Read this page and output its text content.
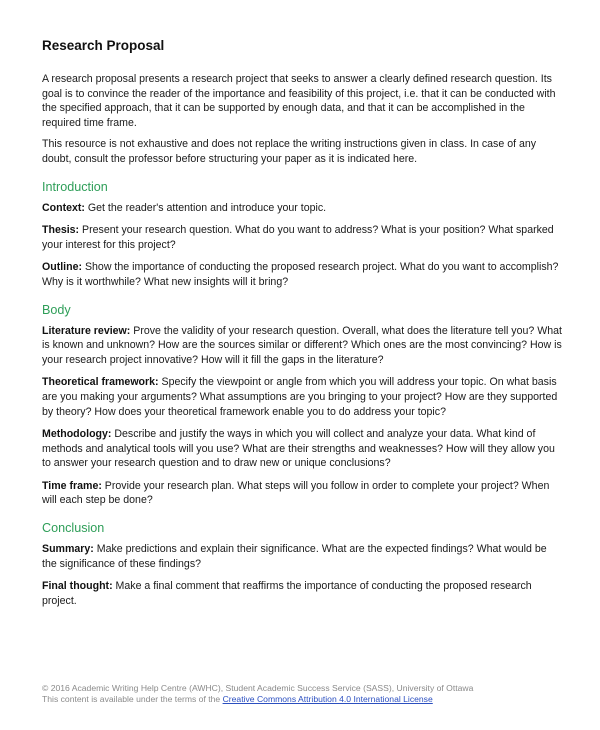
Research Proposal

A research proposal presents a research project that seeks to answer a clearly defined research question. Its goal is to convince the reader of the importance and feasibility of this project, i.e. that it can be conducted with the specified approach, that it can be supported by enough data, and that it can be accomplished in the required time frame.

This resource is not exhaustive and does not replace the writing instructions given in class. In case of any doubt, consult the professor before structuring your paper as it is indicated here.

Introduction

Context: Get the reader's attention and introduce your topic.

Thesis: Present your research question. What do you want to address? What is your position? What sparked your interest for this project?

Outline: Show the importance of conducting the proposed research project. What do you want to accomplish? Why is it worthwhile? What new insights will it bring?

Body

Literature review: Prove the validity of your research question. Overall, what does the literature tell you? What is known and unknown? How are the sources similar or different? Which ones are the most convincing? How is your research project innovative? How will it fill the gaps in the literature?

Theoretical framework: Specify the viewpoint or angle from which you will address your topic. On what basis are you making your arguments? What assumptions are you bringing to your project? How are they supported by theory? How does your theoretical framework enable you to do address your topic?

Methodology: Describe and justify the ways in which you will collect and analyze your data. What kind of methods and analytical tools will you use? What are their strengths and weaknesses? How will they allow you to answer your research question and to draw new or unique conclusions?

Time frame: Provide your research plan. What steps will you follow in order to complete your project? When will each step be done?

Conclusion

Summary: Make predictions and explain their significance. What are the expected findings? What would be the significance of these findings?

Final thought: Make a final comment that reaffirms the importance of conducting the proposed research project.

© 2016 Academic Writing Help Centre (AWHC), Student Academic Success Service (SASS), University of Ottawa
This content is available under the terms of the Creative Commons Attribution 4.0 International License
